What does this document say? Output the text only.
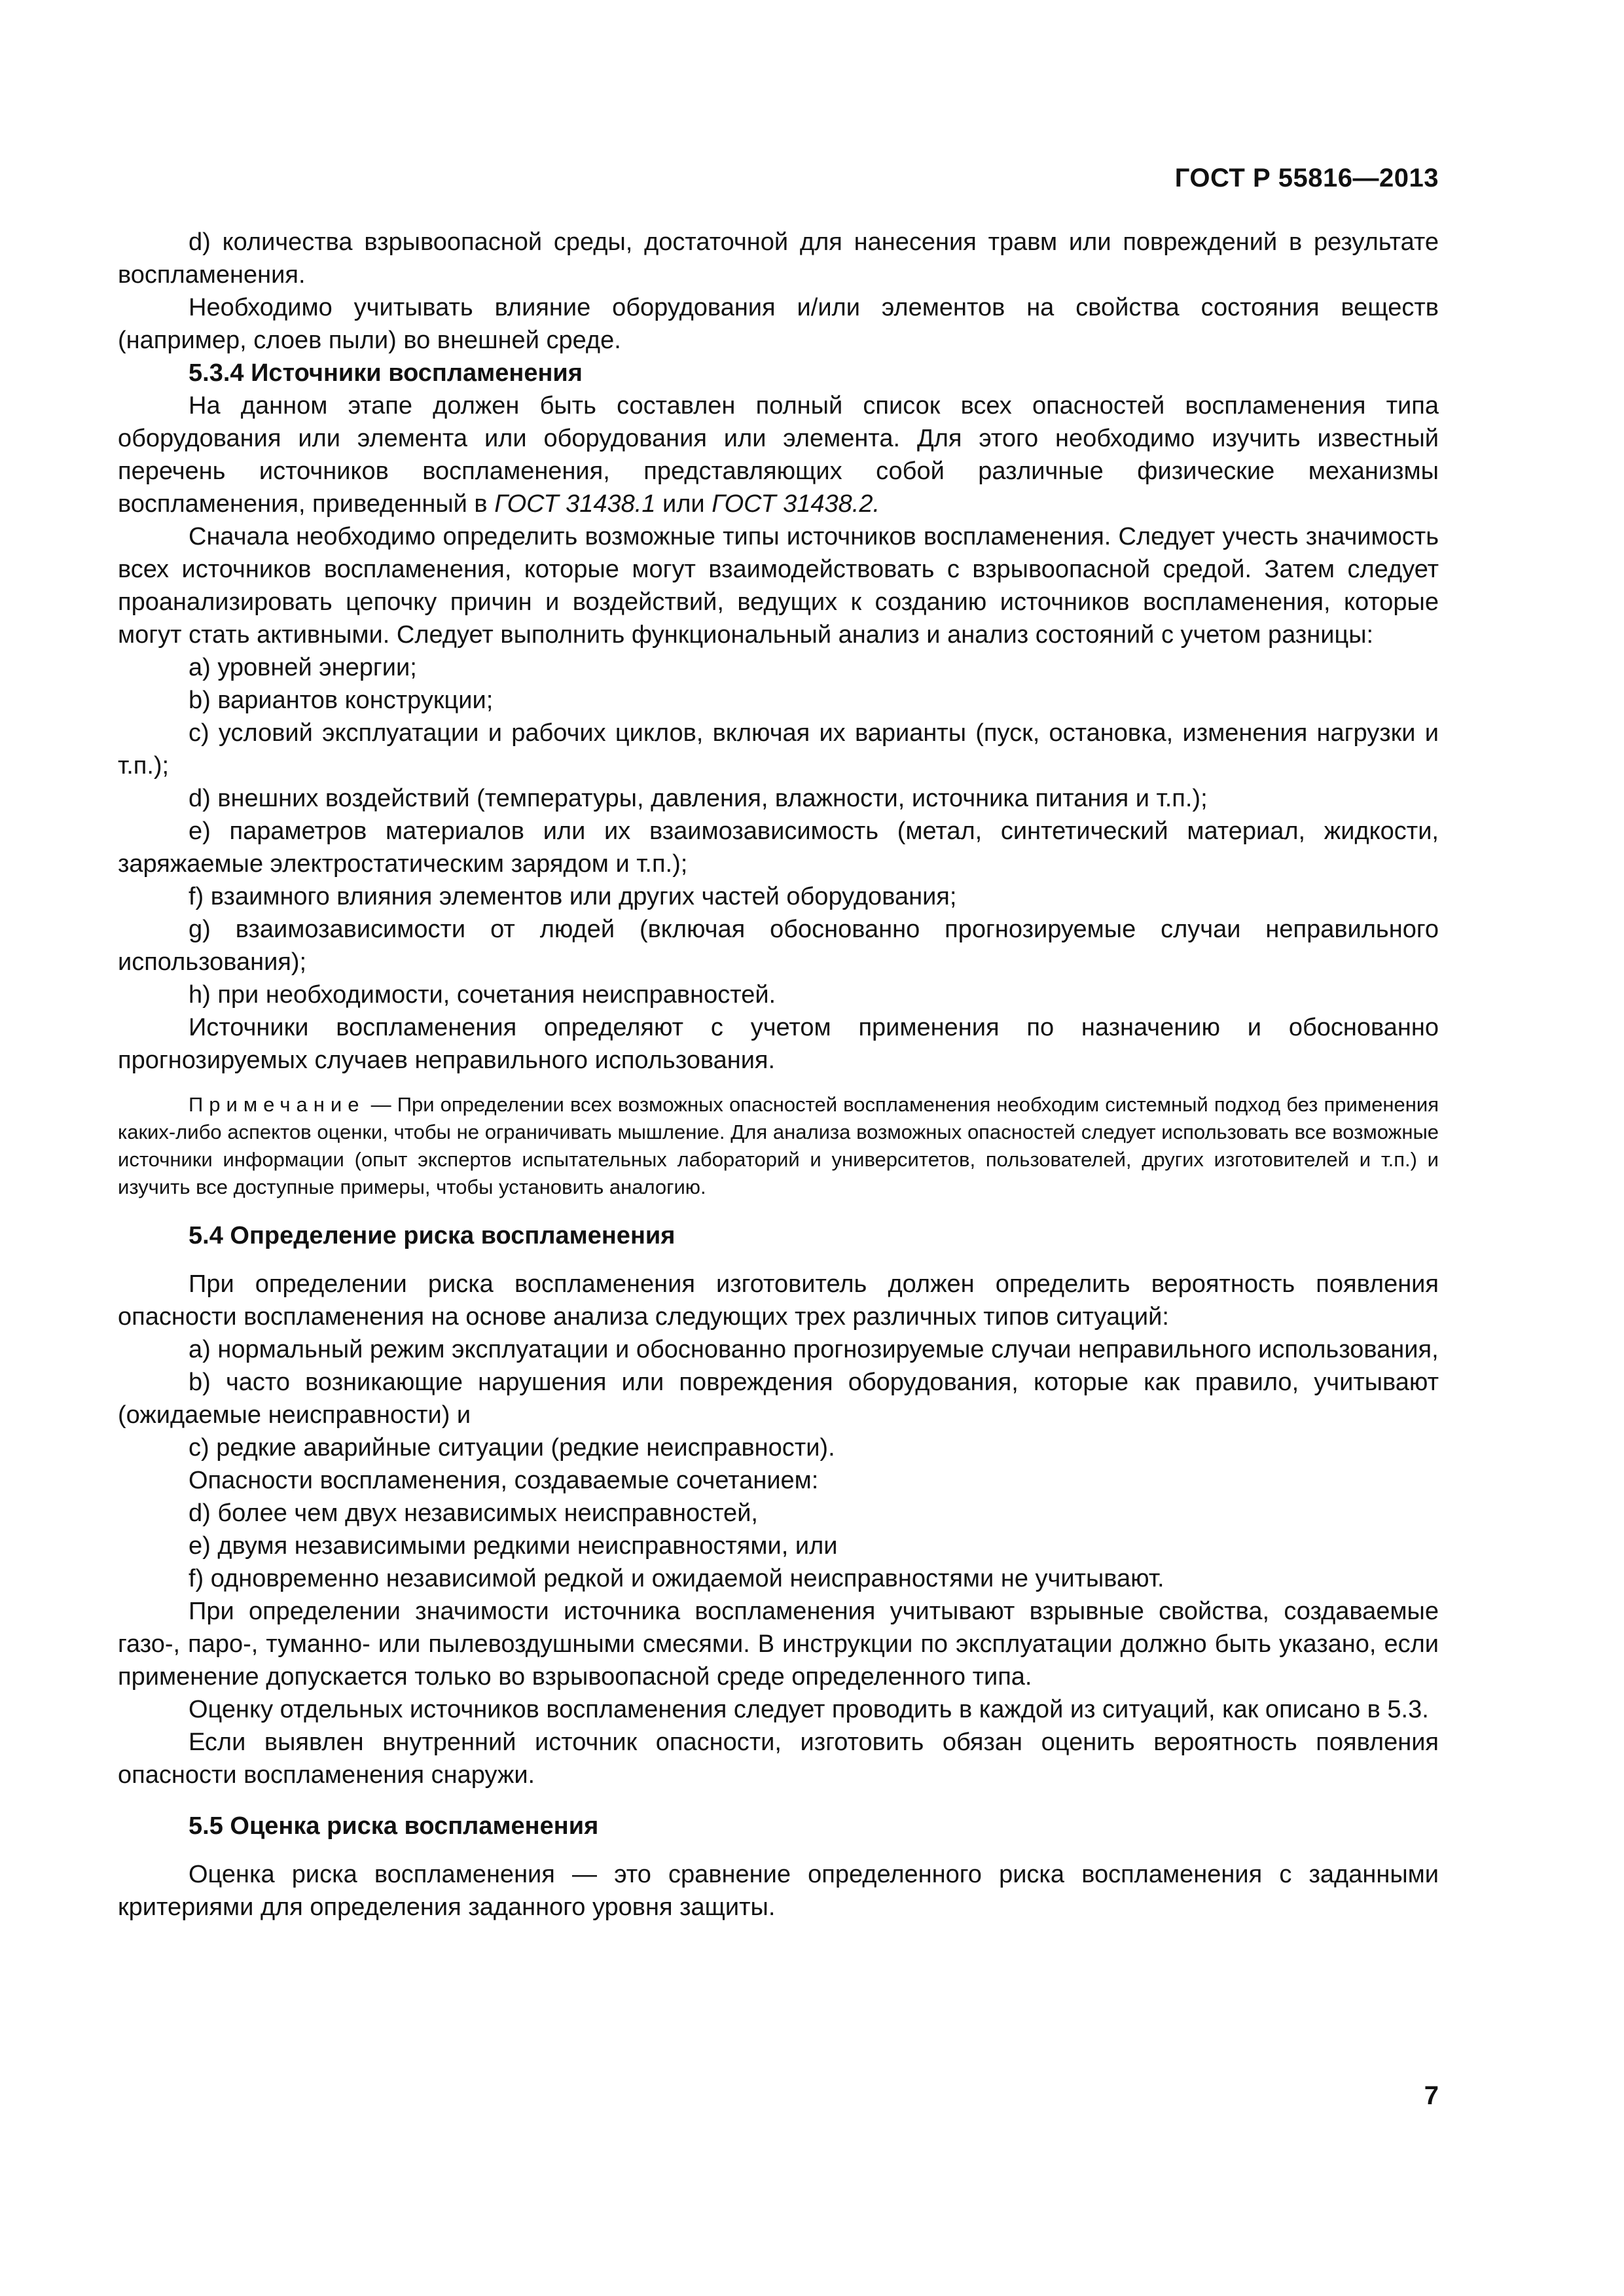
ГОСТ Р 55816—2013

d) количества взрывоопасной среды, достаточной для нанесения травм или повреждений в результате воспламенения.

Необходимо учитывать влияние оборудования и/или элементов на свойства состояния веществ (например, слоев пыли) во внешней среде.

5.3.4 Источники воспламенения

На данном этапе должен быть составлен полный список всех опасностей воспламенения типа оборудования или элемента или оборудования или элемента. Для этого необходимо изучить известный перечень источников воспламенения, представляющих собой различные физические механизмы воспламенения, приведенный в ГОСТ 31438.1 или ГОСТ 31438.2.

Сначала необходимо определить возможные типы источников воспламенения. Следует учесть значимость всех источников воспламенения, которые могут взаимодействовать с взрывоопасной средой. Затем следует проанализировать цепочку причин и воздействий, ведущих к созданию источников воспламенения, которые могут стать активными. Следует выполнить функциональный анализ и анализ состояний с учетом разницы:

a) уровней энергии;

b) вариантов конструкции;

c) условий эксплуатации и рабочих циклов, включая их варианты (пуск, остановка, изменения нагрузки и т.п.);

d) внешних воздействий (температуры, давления, влажности, источника питания и т.п.);

e) параметров материалов или их взаимозависимость (метал, синтетический материал, жидкости, заряжаемые электростатическим зарядом и т.п.);

f) взаимного влияния элементов или других частей оборудования;

g) взаимозависимости от людей (включая обоснованно прогнозируемые случаи неправильного использования);

h) при необходимости, сочетания неисправностей.

Источники воспламенения определяют с учетом применения по назначению и обоснованно прогнозируемых случаев неправильного использования.

Примечание — При определении всех возможных опасностей воспламенения необходим системный подход без применения каких-либо аспектов оценки, чтобы не ограничивать мышление. Для анализа возможных опасностей следует использовать все возможные источники информации (опыт экспертов испытательных лабораторий и университетов, пользователей, других изготовителей и т.п.) и изучить все доступные примеры, чтобы установить аналогию.

5.4 Определение риска воспламенения

При определении риска воспламенения изготовитель должен определить вероятность появления опасности воспламенения на основе анализа следующих трех различных типов ситуаций:

a) нормальный режим эксплуатации и обоснованно прогнозируемые случаи неправильного использования,

b) часто возникающие нарушения или повреждения оборудования, которые как правило, учитывают (ожидаемые неисправности) и

c) редкие аварийные ситуации (редкие неисправности).

Опасности воспламенения, создаваемые сочетанием:

d) более чем двух независимых неисправностей,

e) двумя независимыми редкими неисправностями, или

f) одновременно независимой редкой и ожидаемой неисправностями не учитывают.

При определении значимости источника воспламенения учитывают взрывные свойства, создаваемые газо-, паро-, туманно- или пылевоздушными смесями. В инструкции по эксплуатации должно быть указано, если применение допускается только во взрывоопасной среде определенного типа.

Оценку отдельных источников воспламенения следует проводить в каждой из ситуаций, как описано в 5.3.

Если выявлен внутренний источник опасности, изготовить обязан оценить вероятность появления опасности воспламенения снаружи.

5.5 Оценка риска воспламенения

Оценка риска воспламенения — это сравнение определенного риска воспламенения с заданными критериями для определения заданного уровня защиты.

7
